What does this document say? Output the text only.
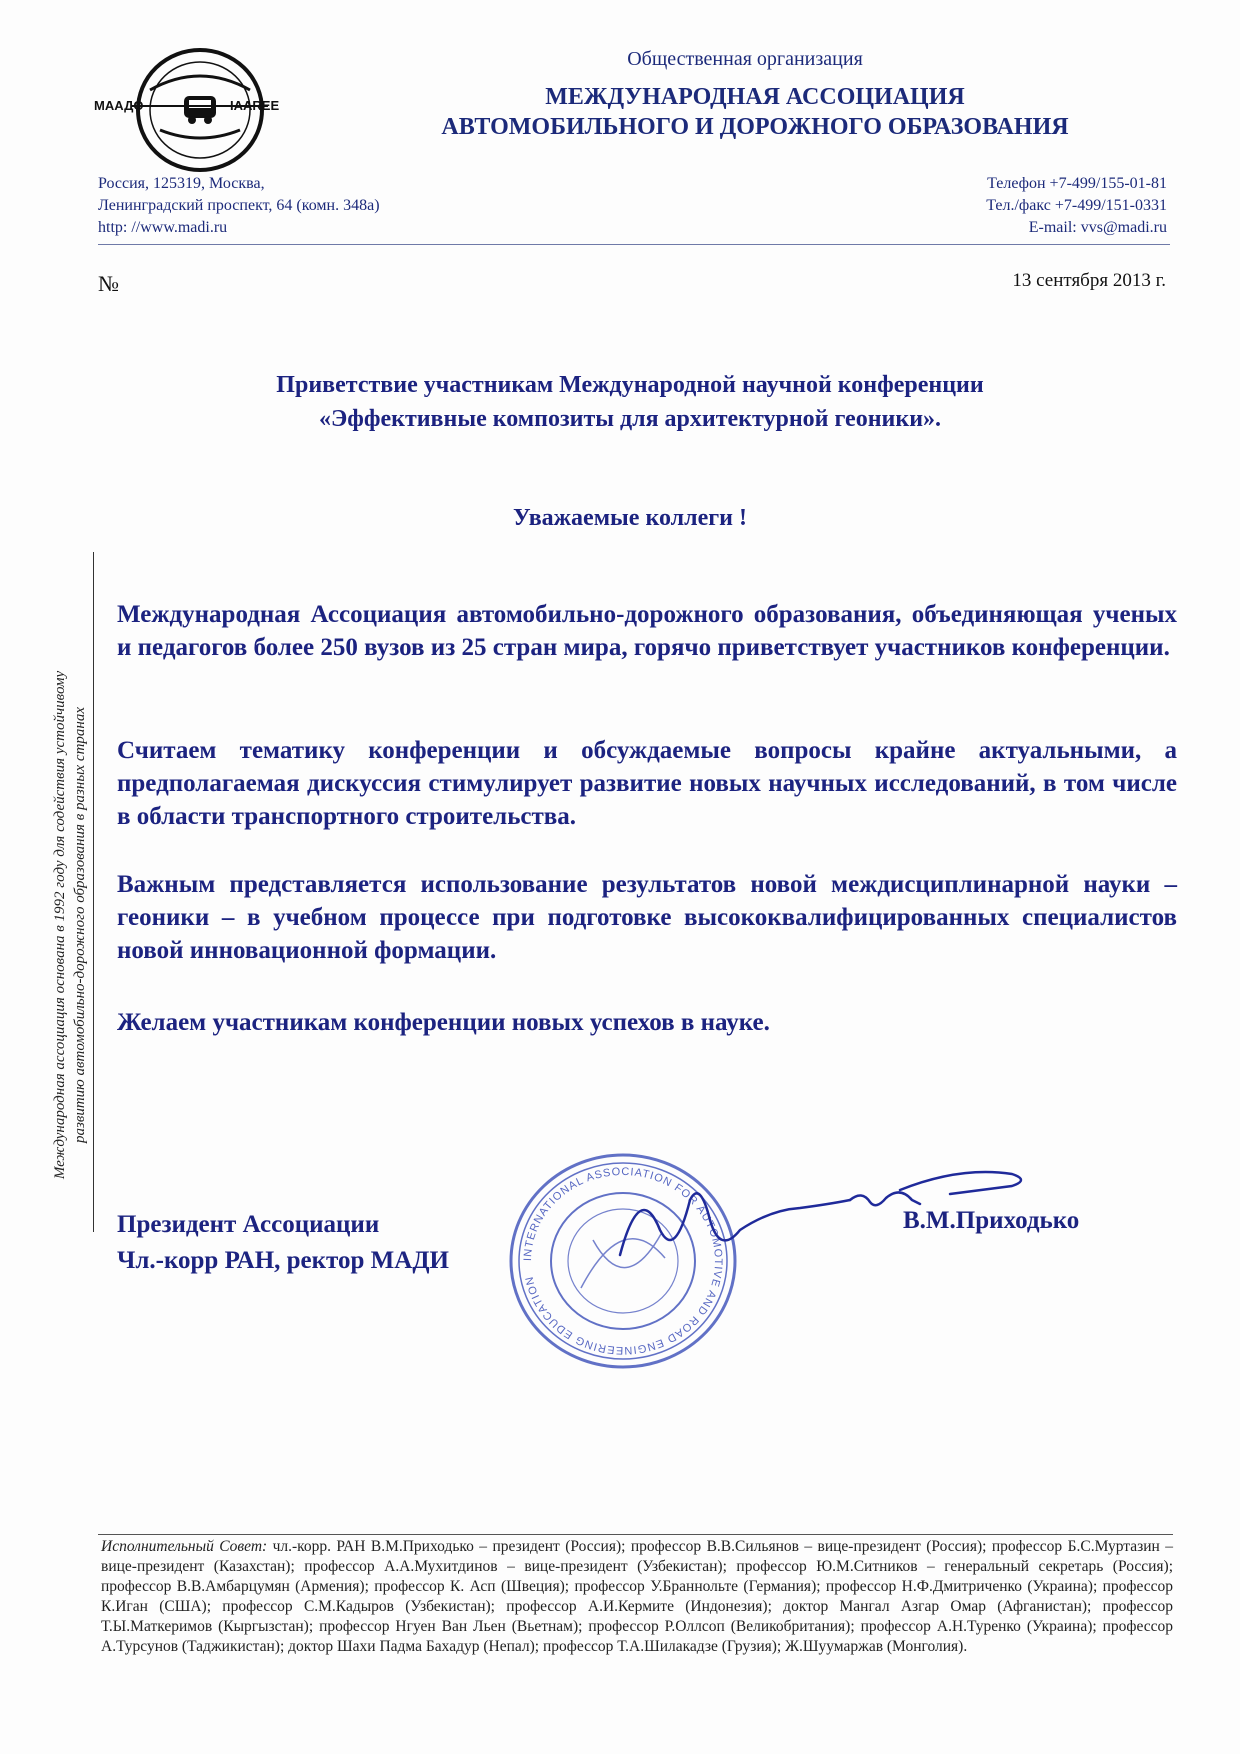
МААДО	IAAREE
Общественная организация
МЕЖДУНАРОДНАЯ АССОЦИАЦИЯ
АВТОМОБИЛЬНОГО И ДОРОЖНОГО ОБРАЗОВАНИЯ
Россия, 125319, Москва,
Ленинградский проспект, 64 (комн. 348а)
http: //www.madi.ru
Телефон +7-499/155-01-81
Тел./факс +7-499/151-0331
E-mail: vvs@madi.ru
№	13 сентября 2013 г.
Международная ассоциация основана в 1992 году для содействия устойчивому развитию автомобильно-дорожного образования в разных странах
Приветствие участникам Международной научной конференции
«Эффективные композиты для архитектурной геоники».
Уважаемые коллеги !
Международная Ассоциация автомобильно-дорожного образования, объединяющая ученых и педагогов более 250 вузов из 25 стран мира, горячо приветствует участников конференции.
Считаем тематику конференции и обсуждаемые вопросы крайне актуальными, а предполагаемая дискуссия стимулирует развитие новых научных исследований, в том числе в области транспортного строительства.
Важным представляется использование результатов новой междисциплинарной науки – геоники – в учебном процессе при подготовке высококвалифицированных специалистов новой инновационной формации.
Желаем участникам конференции новых успехов в науке.
Президент Ассоциации
Чл.-корр РАН, ректор МАДИ	INTERNATIONAL ASSOCIATION FOR AUTOMOTIVE AND ROAD ENGINEERING EDUCATION
В.М.Приходько
Исполнительный Совет: чл.-корр. РАН В.М.Приходько – президент (Россия); профессор В.В.Сильянов – вице-президент (Россия); профессор Б.С.Муртазин – вице-президент (Казахстан); профессор А.А.Мухитдинов – вице-президент (Узбекистан); профессор Ю.М.Ситников – генеральный секретарь (Россия); профессор В.В.Амбарцумян (Армения); профессор К. Асп (Швеция); профессор У.Браннольте (Германия); профессор Н.Ф.Дмитриченко (Украина); профессор К.Иган (США); профессор С.М.Кадыров (Узбекистан); профессор А.И.Кермите (Индонезия); доктор Мангал Азгар Омар (Афганистан); профессор Т.Ы.Маткеримов (Кыргызстан); профессор Нгуен Ван Льен (Вьетнам); профессор Р.Оллсоп (Великобритания); профессор А.Н.Туренко (Украина); профессор А.Турсунов (Таджикистан); доктор Шахи Падма Бахадур (Непал); профессор Т.А.Шилакадзе (Грузия); Ж.Шуумаржав (Монголия).
